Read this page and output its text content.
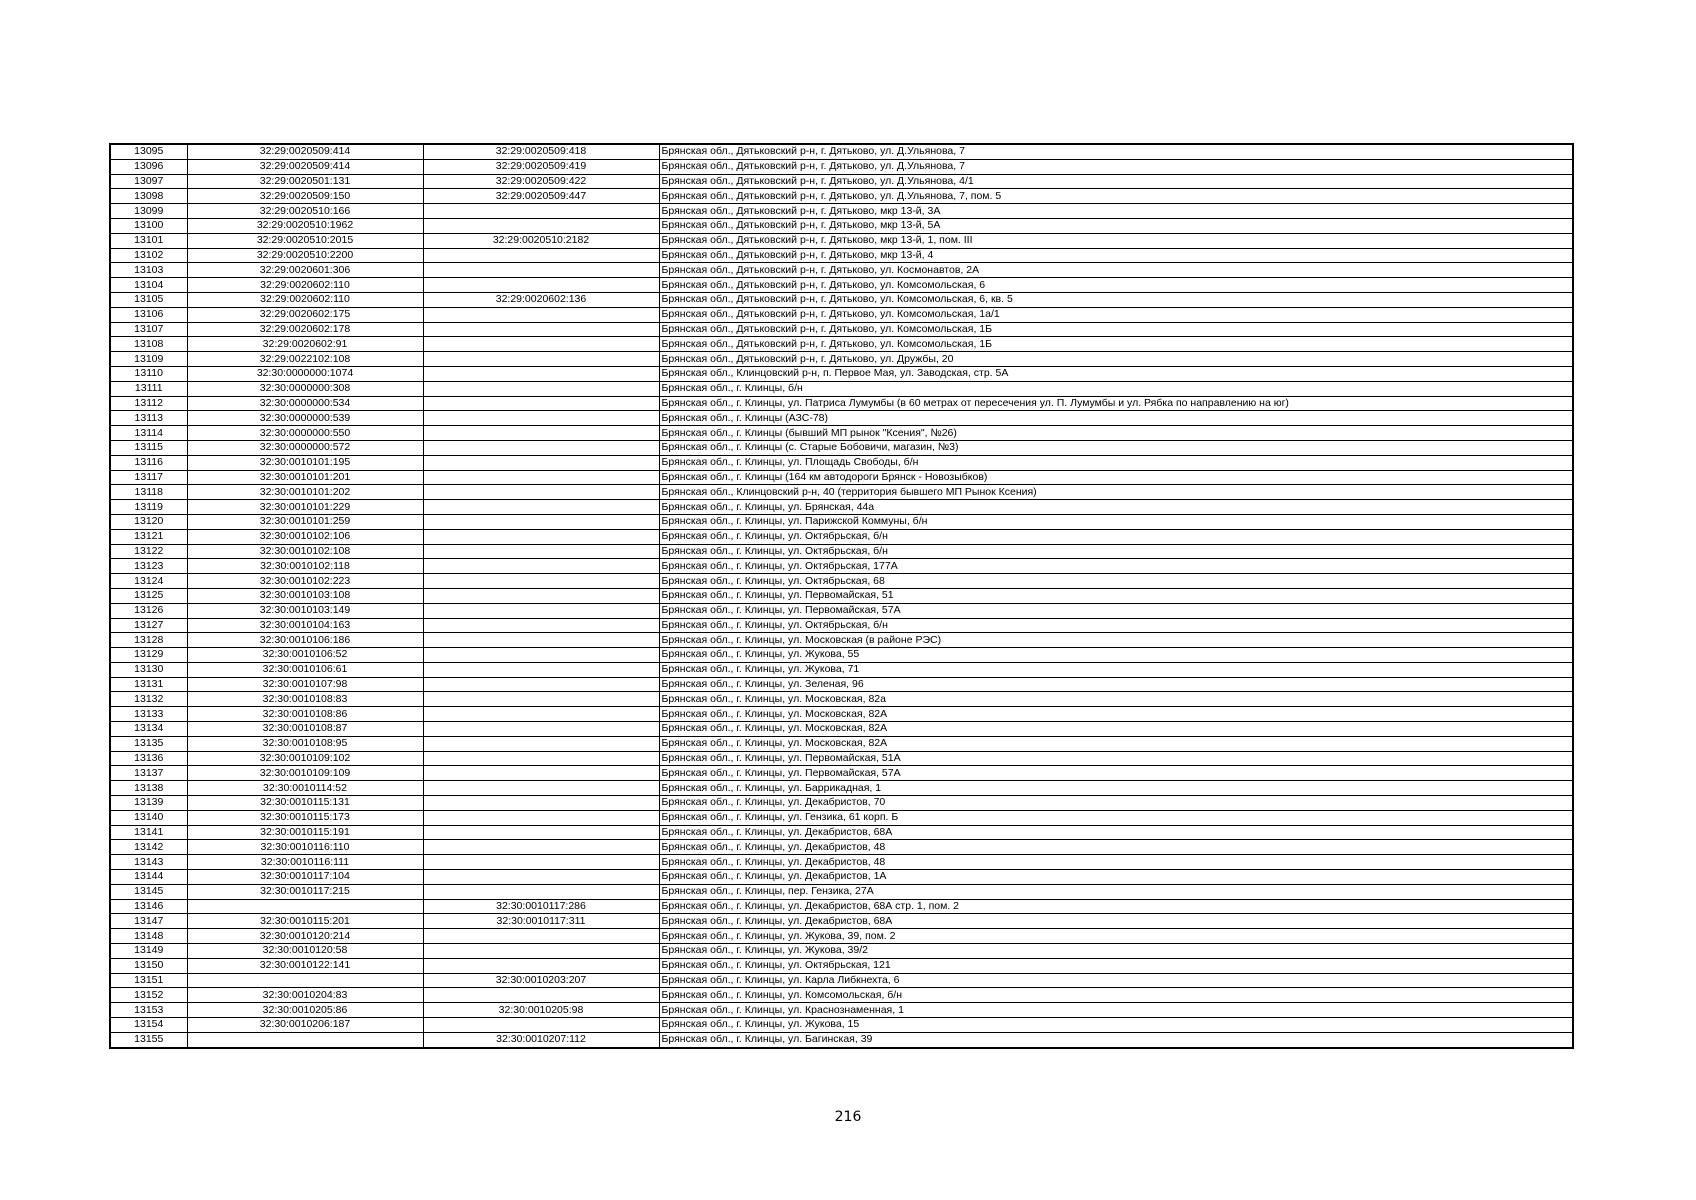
13095	32:29:0020509:414	32:29:0020509:418	Брянская обл., Дятьковский р-н, г. Дятьково, ул. Д.Ульянова, 7
13096	32:29:0020509:414	32:29:0020509:419	Брянская обл., Дятьковский р-н, г. Дятьково, ул. Д.Ульянова, 7
13097	32:29:0020501:131	32:29:0020509:422	Брянская обл., Дятьковский р-н, г. Дятьково, ул. Д.Ульянова, 4/1
13098	32:29:0020509:150	32:29:0020509:447	Брянская обл., Дятьковский р-н, г. Дятьково, ул. Д.Ульянова, 7, пом. 5
13099	32:29:0020510:166		Брянская обл., Дятьковский р-н, г. Дятьково, мкр 13-й, 3А
13100	32:29:0020510:1962		Брянская обл., Дятьковский р-н, г. Дятьково, мкр 13-й, 5А
13101	32:29:0020510:2015	32:29:0020510:2182	Брянская обл., Дятьковский р-н, г. Дятьково, мкр 13-й, 1, пом. III
13102	32:29:0020510:2200		Брянская обл., Дятьковский р-н, г. Дятьково, мкр 13-й, 4
13103	32:29:0020601:306		Брянская обл., Дятьковский р-н, г. Дятьково, ул. Космонавтов, 2А
13104	32:29:0020602:110		Брянская обл., Дятьковский р-н, г. Дятьково, ул. Комсомольская, 6
13105	32:29:0020602:110	32:29:0020602:136	Брянская обл., Дятьковский р-н, г. Дятьково, ул. Комсомольская, 6, кв. 5
13106	32:29:0020602:175		Брянская обл., Дятьковский р-н, г. Дятьково, ул. Комсомольская, 1а/1
13107	32:29:0020602:178		Брянская обл., Дятьковский р-н, г. Дятьково, ул. Комсомольская, 1Б
13108	32:29:0020602:91		Брянская обл., Дятьковский р-н, г. Дятьково, ул. Комсомольская, 1Б
13109	32:29:0022102:108		Брянская обл., Дятьковский р-н, г. Дятьково, ул. Дружбы, 20
13110	32:30:0000000:1074		Брянская обл., Клинцовский р-н, п. Первое Мая, ул. Заводская, стр. 5А
13111	32:30:0000000:308		Брянская обл., г. Клинцы, б/н
13112	32:30:0000000:534		Брянская обл., г. Клинцы, ул. Патриса Лумумбы (в 60 метрах от пересечения ул. П. Лумумбы и ул. Рябка по направлению на юг)
13113	32:30:0000000:539		Брянская обл., г. Клинцы (АЗС-78)
13114	32:30:0000000:550		Брянская обл., г. Клинцы (бывший МП рынок "Ксения", №26)
13115	32:30:0000000:572		Брянская обл., г. Клинцы (с. Старые Бобовичи, магазин, №3)
13116	32:30:0010101:195		Брянская обл., г. Клинцы, ул. Площадь Свободы, б/н
13117	32:30:0010101:201		Брянская обл., г. Клинцы (164 км автодороги Брянск - Новозыбков)
13118	32:30:0010101:202		Брянская обл., Клинцовский р-н, 40 (территория бывшего МП Рынок Ксения)
13119	32:30:0010101:229		Брянская обл., г. Клинцы, ул. Брянская, 44а
13120	32:30:0010101:259		Брянская обл., г. Клинцы, ул. Парижской Коммуны, б/н
13121	32:30:0010102:106		Брянская обл., г. Клинцы, ул. Октябрьская, б/н
13122	32:30:0010102:108		Брянская обл., г. Клинцы, ул. Октябрьская, б/н
13123	32:30:0010102:118		Брянская обл., г. Клинцы, ул. Октябрьская, 177А
13124	32:30:0010102:223		Брянская обл., г. Клинцы, ул. Октябрьская, 68
13125	32:30:0010103:108		Брянская обл., г. Клинцы, ул. Первомайская, 51
13126	32:30:0010103:149		Брянская обл., г. Клинцы, ул. Первомайская, 57А
13127	32:30:0010104:163		Брянская обл., г. Клинцы, ул. Октябрьская, б/н
13128	32:30:0010106:186		Брянская обл., г. Клинцы, ул. Московская (в районе РЭС)
13129	32:30:0010106:52		Брянская обл., г. Клинцы, ул. Жукова, 55
13130	32:30:0010106:61		Брянская обл., г. Клинцы, ул. Жукова, 71
13131	32:30:0010107:98		Брянская обл., г. Клинцы, ул. Зеленая, 96
13132	32:30:0010108:83		Брянская обл., г. Клинцы, ул. Московская, 82а
13133	32:30:0010108:86		Брянская обл., г. Клинцы, ул. Московская, 82А
13134	32:30:0010108:87		Брянская обл., г. Клинцы, ул. Московская, 82А
13135	32:30:0010108:95		Брянская обл., г. Клинцы, ул. Московская, 82А
13136	32:30:0010109:102		Брянская обл., г. Клинцы, ул. Первомайская, 51А
13137	32:30:0010109:109		Брянская обл., г. Клинцы, ул. Первомайская, 57А
13138	32:30:0010114:52		Брянская обл., г. Клинцы, ул. Баррикадная, 1
13139	32:30:0010115:131		Брянская обл., г. Клинцы, ул. Декабристов, 70
13140	32:30:0010115:173		Брянская обл., г. Клинцы, ул. Гензика, 61 корп. Б
13141	32:30:0010115:191		Брянская обл., г. Клинцы, ул. Декабристов, 68А
13142	32:30:0010116:110		Брянская обл., г. Клинцы, ул. Декабристов, 48
13143	32:30:0010116:111		Брянская обл., г. Клинцы, ул. Декабристов, 48
13144	32:30:0010117:104		Брянская обл., г. Клинцы, ул. Декабристов, 1А
13145	32:30:0010117:215		Брянская обл., г. Клинцы, пер. Гензика, 27А
13146		32:30:0010117:286	Брянская обл., г. Клинцы, ул. Декабристов, 68А стр. 1, пом. 2
13147	32:30:0010115:201	32:30:0010117:311	Брянская обл., г. Клинцы, ул. Декабристов, 68А
13148	32:30:0010120:214		Брянская обл., г. Клинцы, ул. Жукова, 39, пом. 2
13149	32:30:0010120:58		Брянская обл., г. Клинцы, ул. Жукова, 39/2
13150	32:30:0010122:141		Брянская обл., г. Клинцы, ул. Октябрьская, 121
13151		32:30:0010203:207	Брянская обл., г. Клинцы, ул. Карла Либкнехта, 6
13152	32:30:0010204:83		Брянская обл., г. Клинцы, ул. Комсомольская, б/н
13153	32:30:0010205:86	32:30:0010205:98	Брянская обл., г. Клинцы, ул. Краснознаменная, 1
13154	32:30:0010206:187		Брянская обл., г. Клинцы, ул. Жукова, 15
13155		32:30:0010207:112	Брянская обл., г. Клинцы, ул. Багинская, 39
216
